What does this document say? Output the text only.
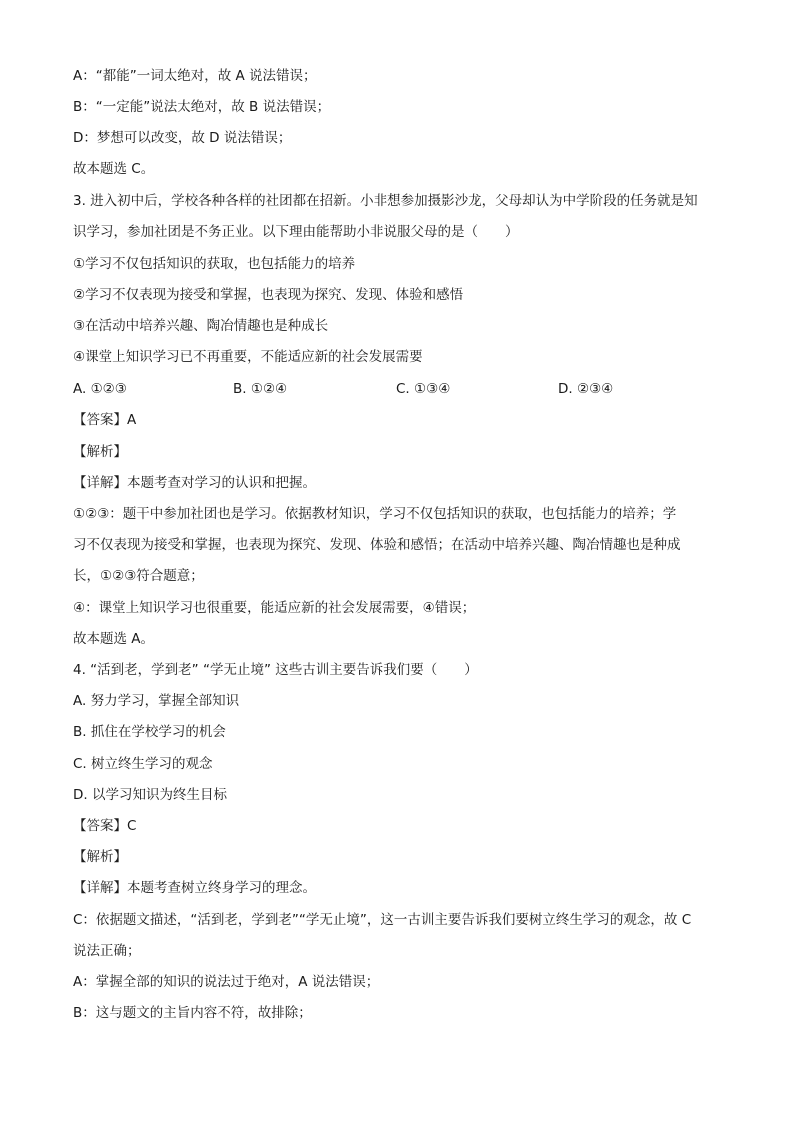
A：“都能”一词太绝对，故 A 说法错误；
B：“一定能”说法太绝对，故 B 说法错误；
D：梦想可以改变，故 D 说法错误；
故本题选 C。
3. 进入初中后，学校各种各样的社团都在招新。小非想参加摄影沙龙，父母却认为中学阶段的任务就是知
识学习，参加社团是不务正业。以下理由能帮助小非说服父母的是（　　）
①学习不仅包括知识的获取，也包括能力的培养
②学习不仅表现为接受和掌握，也表现为探究、发现、体验和感悟
③在活动中培养兴趣、陶冶情趣也是种成长
④课堂上知识学习已不再重要，不能适应新的社会发展需要
A. ①②③	B. ①②④	C. ①③④	D. ②③④
【答案】A
【解析】
【详解】本题考查对学习的认识和把握。
①②③：题干中参加社团也是学习。依据教材知识，学习不仅包括知识的获取，也包括能力的培养；学
习不仅表现为接受和掌握，也表现为探究、发现、体验和感悟；在活动中培养兴趣、陶冶情趣也是种成
长，①②③符合题意；
④：课堂上知识学习也很重要，能适应新的社会发展需要，④错误；
故本题选 A。
4. “活到老，学到老” “学无止境” 这些古训主要告诉我们要（　　）
A. 努力学习，掌握全部知识
B. 抓住在学校学习的机会
C. 树立终生学习的观念
D. 以学习知识为终生目标
【答案】C
【解析】
【详解】本题考查树立终身学习的理念。
C：依据题文描述，“活到老，学到老”“学无止境”，这一古训主要告诉我们要树立终生学习的观念，故 C
说法正确；
A：掌握全部的知识的说法过于绝对，A 说法错误；
B：这与题文的主旨内容不符，故排除；
